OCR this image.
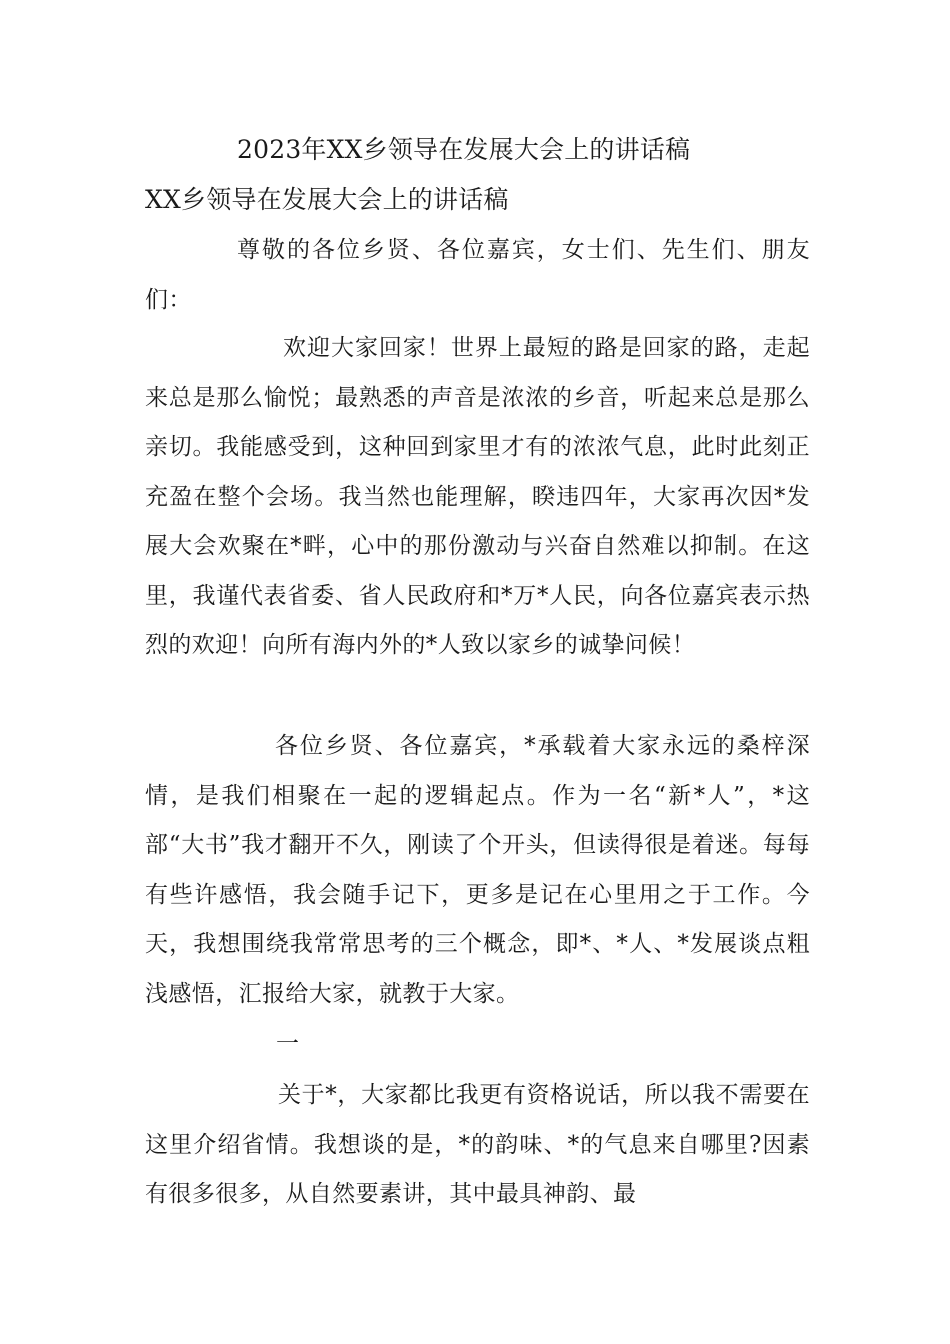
2023年XX乡领导在发展大会上的讲话稿
XX乡领导在发展大会上的讲话稿

尊敬的各位乡贤、各位嘉宾，女士们、先生们、朋友们：

欢迎大家回家！世界上最短的路是回家的路，走起来总是那么愉悦；最熟悉的声音是浓浓的乡音，听起来总是那么亲切。我能感受到，这种回到家里才有的浓浓气息，此时此刻正充盈在整个会场。我当然也能理解，睽违四年，大家再次因*发展大会欢聚在*畔，心中的那份激动与兴奋自然难以抑制。在这里，我谨代表省委、省人民政府和*万*人民，向各位嘉宾表示热烈的欢迎！向所有海内外的*人致以家乡的诚挚问候！

各位乡贤、各位嘉宾，*承载着大家永远的桑梓深情，是我们相聚在一起的逻辑起点。作为一名“新*人”，*这部“大书”我才翻开不久，刚读了个开头，但读得很是着迷。每每有些许感悟，我会随手记下，更多是记在心里用之于工作。今天，我想围绕我常常思考的三个概念，即*、*人、*发展谈点粗浅感悟，汇报给大家，就教于大家。

一

关于*，大家都比我更有资格说话，所以我不需要在这里介绍省情。我想谈的是，*的韵味、*的气息来自哪里?因素有很多很多，从自然要素讲，其中最具神韵、最
